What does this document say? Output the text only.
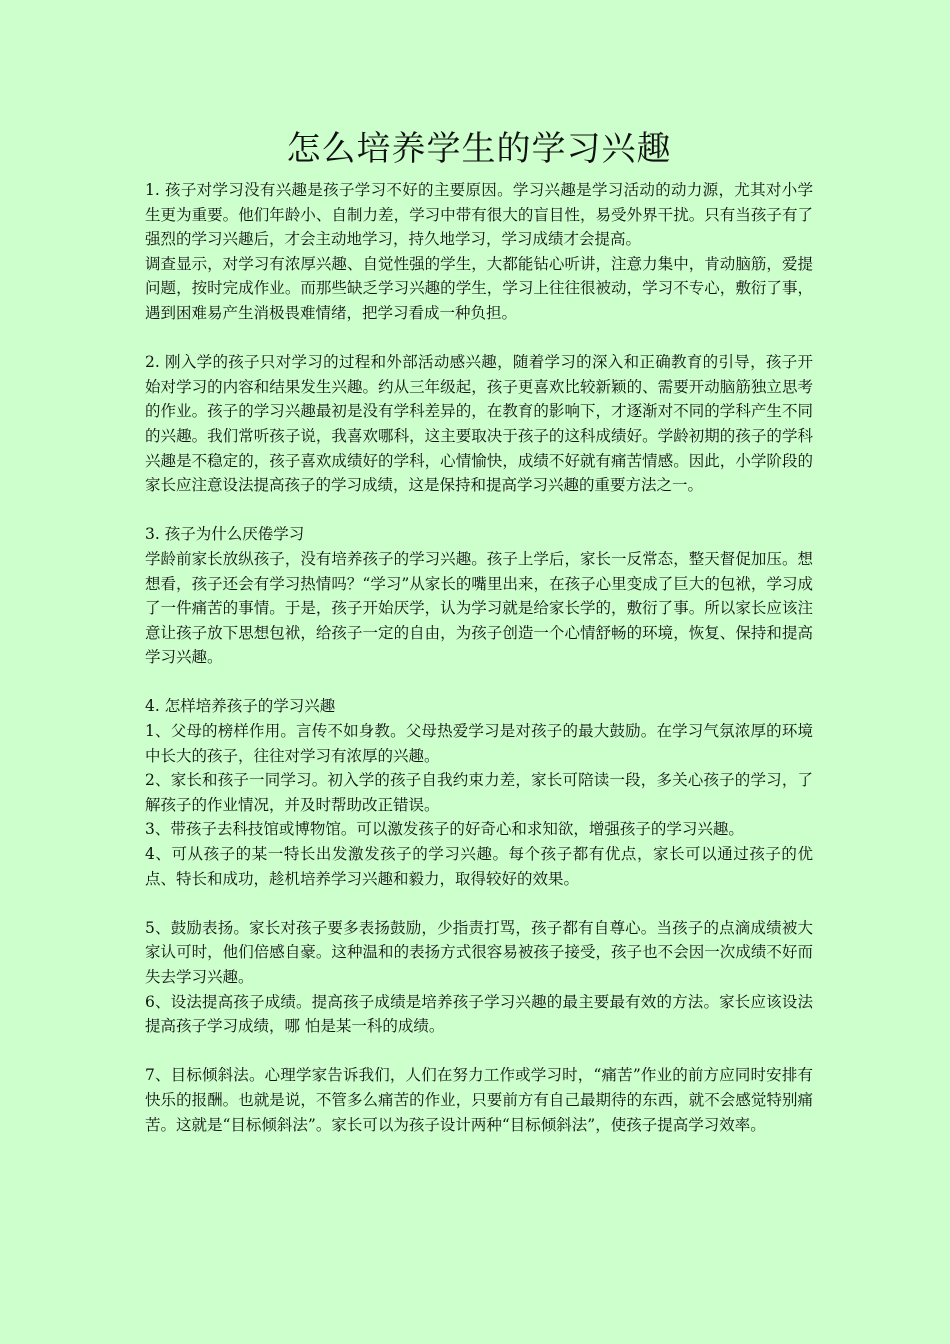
怎么培养学生的学习兴趣

1. 孩子对学习没有兴趣是孩子学习不好的主要原因。学习兴趣是学习活动的动力源，尤其对小学生更为重要。他们年龄小、自制力差，学习中带有很大的盲目性，易受外界干扰。只有当孩子有了强烈的学习兴趣后，才会主动地学习，持久地学习，学习成绩才会提高。

调查显示，对学习有浓厚兴趣、自觉性强的学生，大都能钻心听讲，注意力集中，肯动脑筋，爱提问题，按时完成作业。而那些缺乏学习兴趣的学生，学习上往往很被动，学习不专心，敷衍了事，遇到困难易产生消极畏难情绪，把学习看成一种负担。

2. 刚入学的孩子只对学习的过程和外部活动感兴趣，随着学习的深入和正确教育的引导，孩子开始对学习的内容和结果发生兴趣。约从三年级起，孩子更喜欢比较新颖的、需要开动脑筋独立思考的作业。孩子的学习兴趣最初是没有学科差异的，在教育的影响下，才逐渐对不同的学科产生不同的兴趣。我们常听孩子说，我喜欢哪科，这主要取决于孩子的这科成绩好。学龄初期的孩子的学科兴趣是不稳定的，孩子喜欢成绩好的学科，心情愉快，成绩不好就有痛苦情感。因此，小学阶段的家长应注意设法提高孩子的学习成绩，这是保持和提高学习兴趣的重要方法之一。

3. 孩子为什么厌倦学习

学龄前家长放纵孩子，没有培养孩子的学习兴趣。孩子上学后，家长一反常态，整天督促加压。想想看，孩子还会有学习热情吗？“学习”从家长的嘴里出来，在孩子心里变成了巨大的包袱，学习成了一件痛苦的事情。于是，孩子开始厌学，认为学习就是给家长学的，敷衍了事。所以家长应该注意让孩子放下思想包袱，给孩子一定的自由，为孩子创造一个心情舒畅的环境，恢复、保持和提高学习兴趣。

4. 怎样培养孩子的学习兴趣

1、父母的榜样作用。言传不如身教。父母热爱学习是对孩子的最大鼓励。在学习气氛浓厚的环境中长大的孩子，往往对学习有浓厚的兴趣。

2、家长和孩子一同学习。初入学的孩子自我约束力差，家长可陪读一段，多关心孩子的学习，了解孩子的作业情况，并及时帮助改正错误。

3、带孩子去科技馆或博物馆。可以激发孩子的好奇心和求知欲，增强孩子的学习兴趣。

4、可从孩子的某一特长出发激发孩子的学习兴趣。每个孩子都有优点，家长可以通过孩子的优点、特长和成功，趁机培养学习兴趣和毅力，取得较好的效果。

5、鼓励表扬。家长对孩子要多表扬鼓励，少指责打骂，孩子都有自尊心。当孩子的点滴成绩被大家认可时，他们倍感自豪。这种温和的表扬方式很容易被孩子接受，孩子也不会因一次成绩不好而失去学习兴趣。

6、设法提高孩子成绩。提高孩子成绩是培养孩子学习兴趣的最主要最有效的方法。家长应该设法提高孩子学习成绩，哪 怕是某一科的成绩。

7、目标倾斜法。心理学家告诉我们，人们在努力工作或学习时，“痛苦”作业的前方应同时安排有快乐的报酬。也就是说，不管多么痛苦的作业，只要前方有自己最期待的东西，就不会感觉特别痛苦。这就是“目标倾斜法”。家长可以为孩子设计两种“目标倾斜法”，使孩子提高学习效率。
